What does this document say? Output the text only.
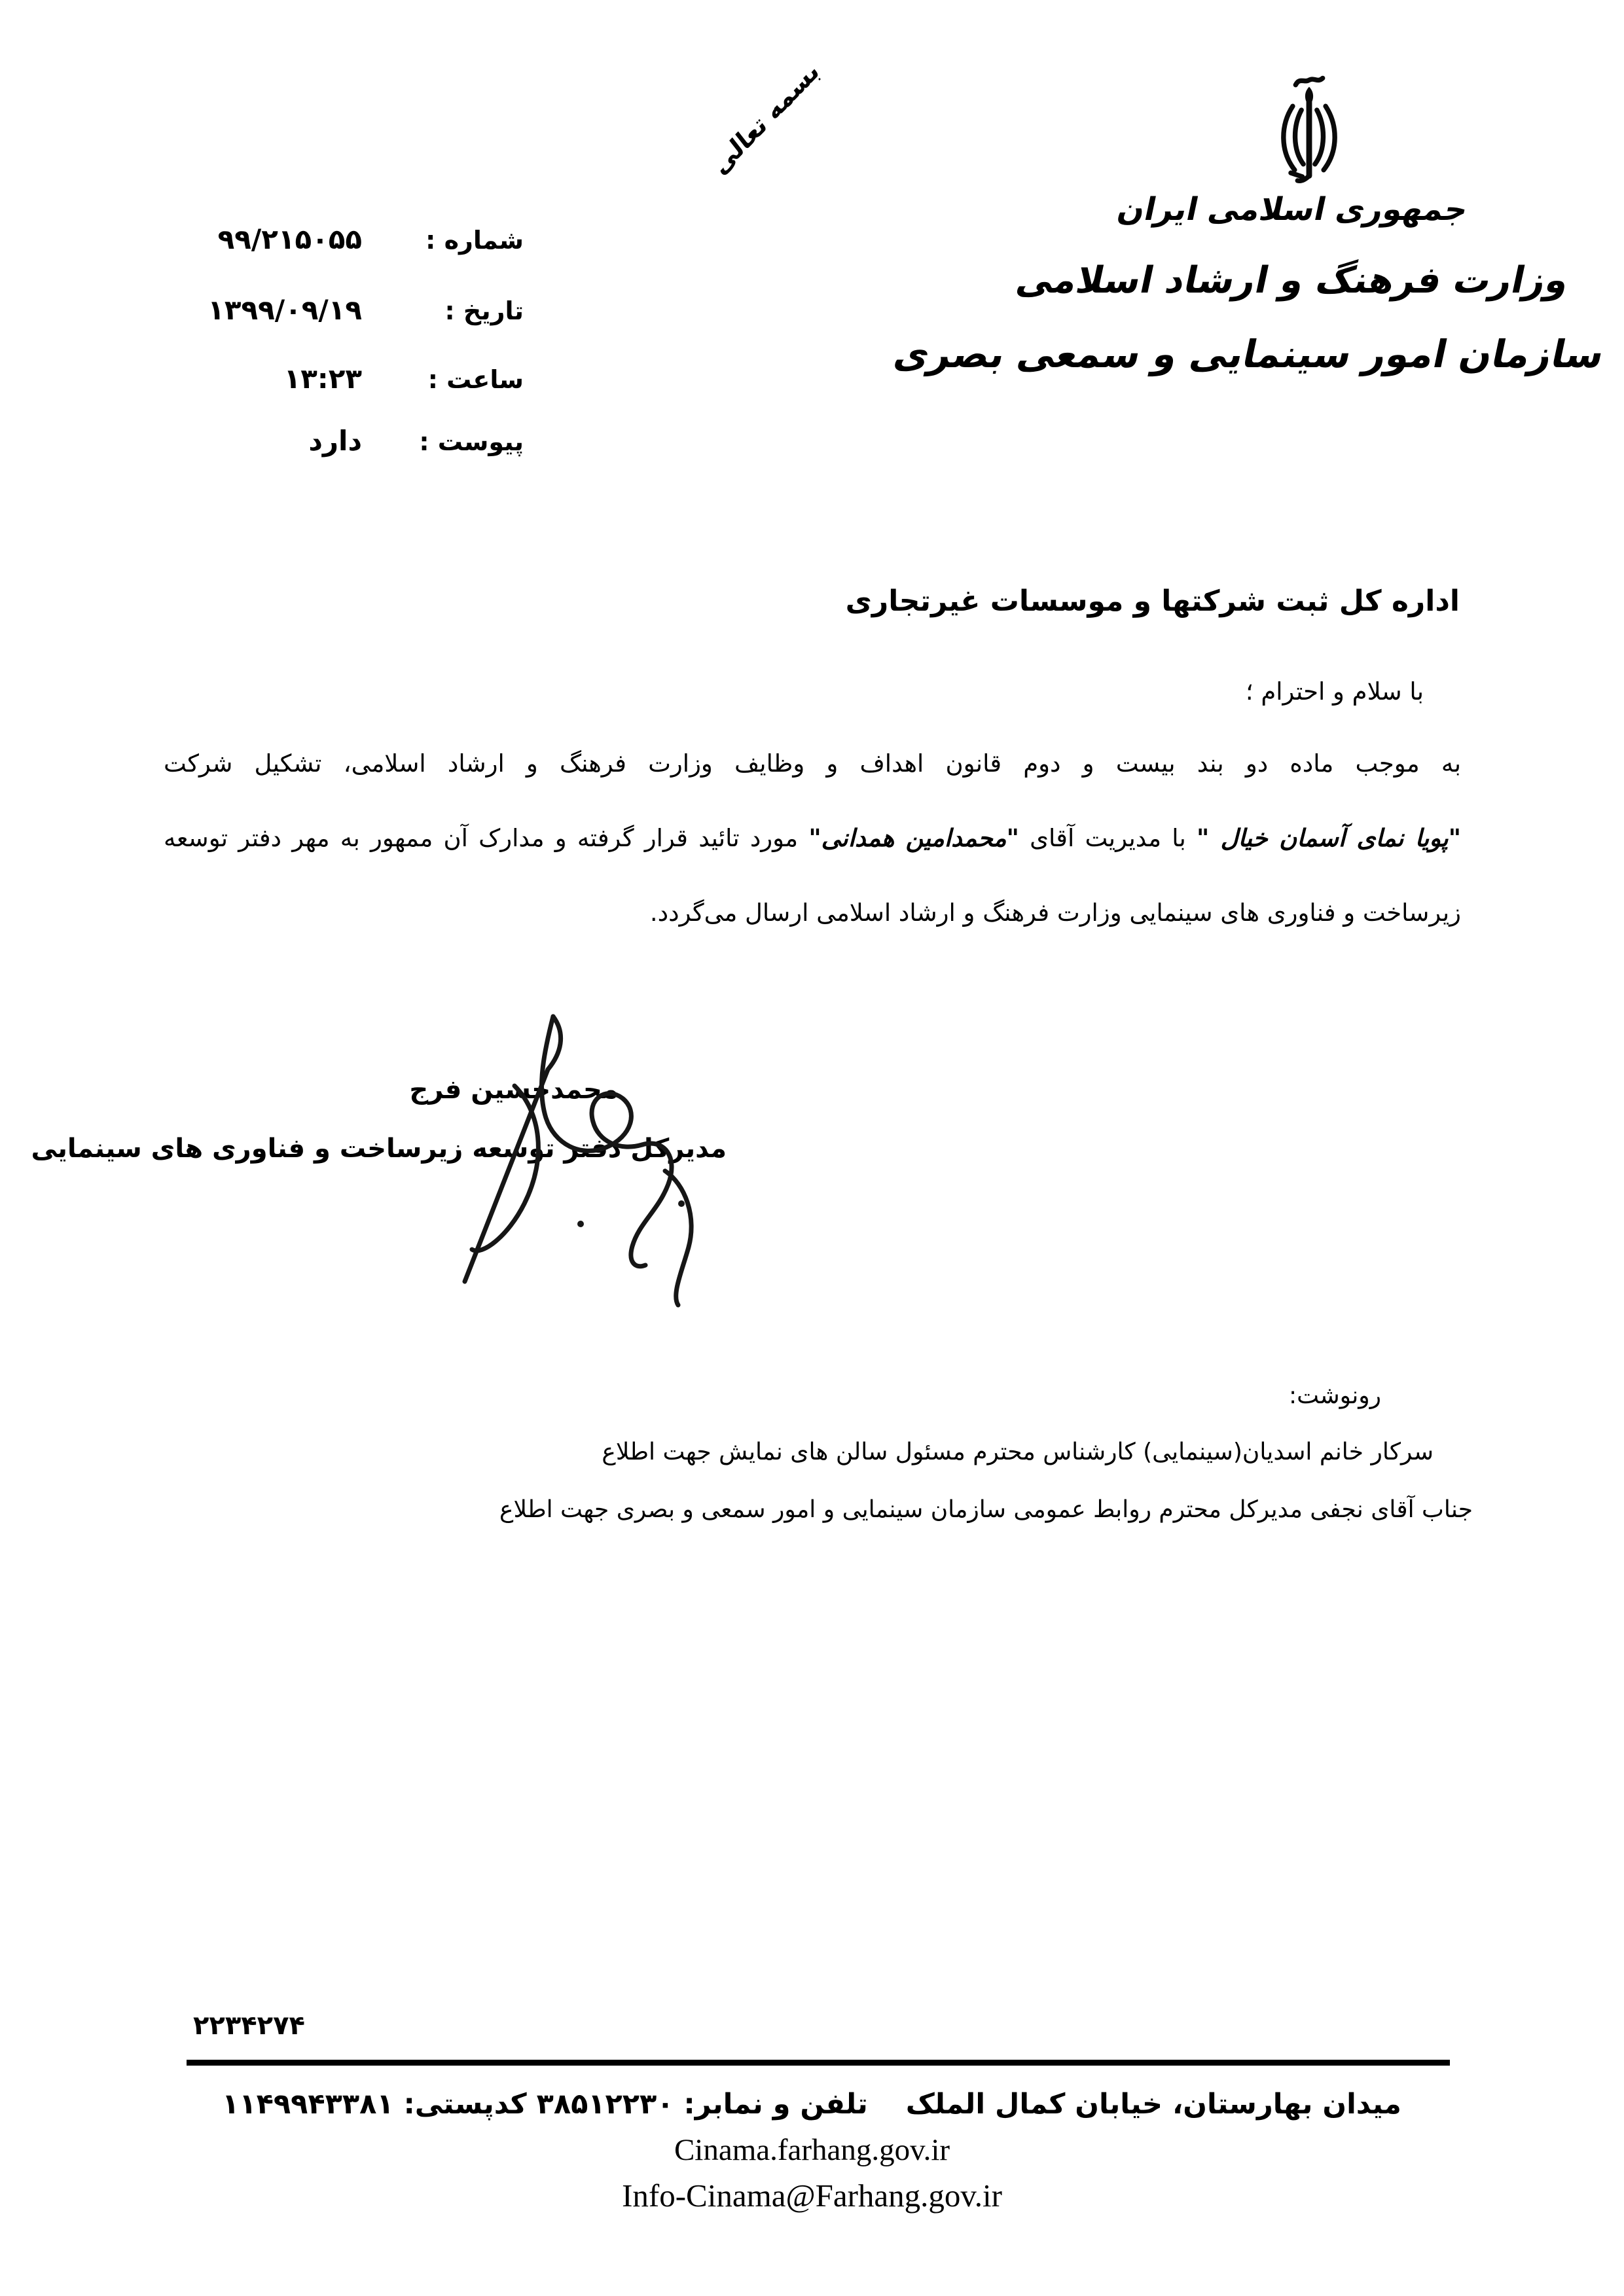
بسمه تعالی
جمهوری اسلامی ایران
وزارت فرهنگ و ارشاد اسلامی
سازمان امور سینمایی و سمعی بصری
۹۹/۲۱۵۰۵۵	شماره :
۱۳۹۹/۰۹/۱۹	تاریخ :
۱۳:۲۳	ساعت :
دارد پیوست :
اداره کل ثبت شرکتها و موسسات غیرتجاری
با سلام و احترام ؛
به موجب ماده دو بند بیست و دوم قانون اهداف و وظایف وزارت فرهنگ و ارشاد اسلامی، تشکیل شرکت
"پویا نمای آسمان خیال " با مدیریت آقای "محمدامین همدانی" مورد تائید قرار گرفته و مدارک آن ممهور به مهر دفتر توسعه
زیرساخت و فناوری های سینمایی وزارت فرهنگ و ارشاد اسلامی ارسال می‌گردد.
محمدحسین فرج
مدیرکل دفتر توسعه زیرساخت و فناوری های سینمایی
رونوشت:
سرکار خانم اسدیان(سینمایی) کارشناس محترم مسئول سالن های نمایش جهت اطلاع
جناب آقای نجفی مدیرکل محترم روابط عمومی سازمان سینمایی و امور سمعی و بصری جهت اطلاع
۲۲۳۴۲۷۴
میدان بهارستان، خیابان کمال الملکتلفن و نمابر: ۳۸۵۱۲۲۳۰ کدپستی: ۱۱۴۹۹۴۳۳۸۱
Cinama.farhang.gov.ir
Info-Cinama@Farhang.gov.ir
